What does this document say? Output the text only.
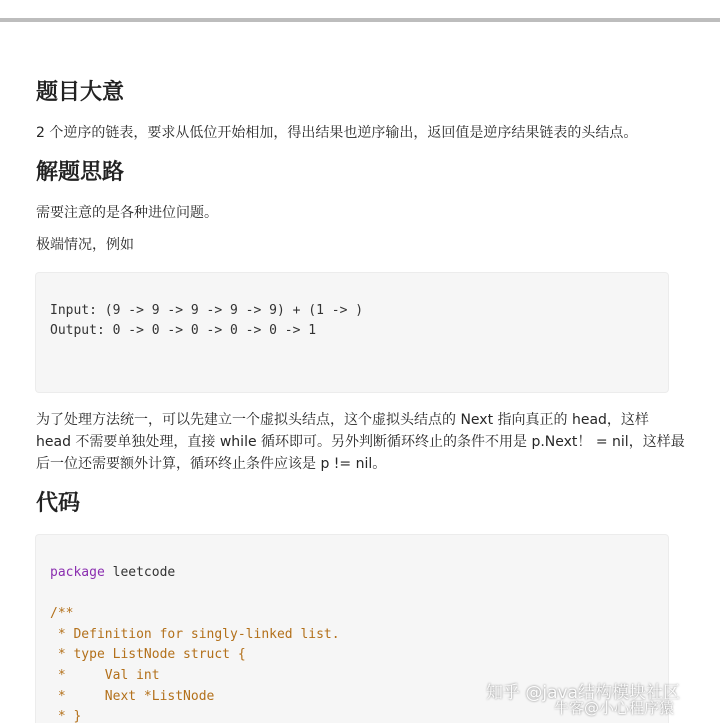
题目大意

2 个逆序的链表，要求从低位开始相加，得出结果也逆序输出，返回值是逆序结果链表的头结点。

解题思路

需要注意的是各种进位问题。

极端情况，例如

Input: (9 -> 9 -> 9 -> 9 -> 9) + (1 -> )
Output: 0 -> 0 -> 0 -> 0 -> 0 -> 1

为了处理方法统一，可以先建立一个虚拟头结点，这个虚拟头结点的 Next 指向真正的 head，这样

head 不需要单独处理，直接 while 循环即可。另外判断循环终止的条件不用是 p.Next！ = nil，这样最

后一位还需要额外计算，循环终止条件应该是 p != nil。

代码
package leetcode
/**
* Definition for singly-linked list.
* type ListNode struct {
*     Val int
*     Next *ListNode
* }
知乎 @java结构模块社区
牛客@小心程序猿
